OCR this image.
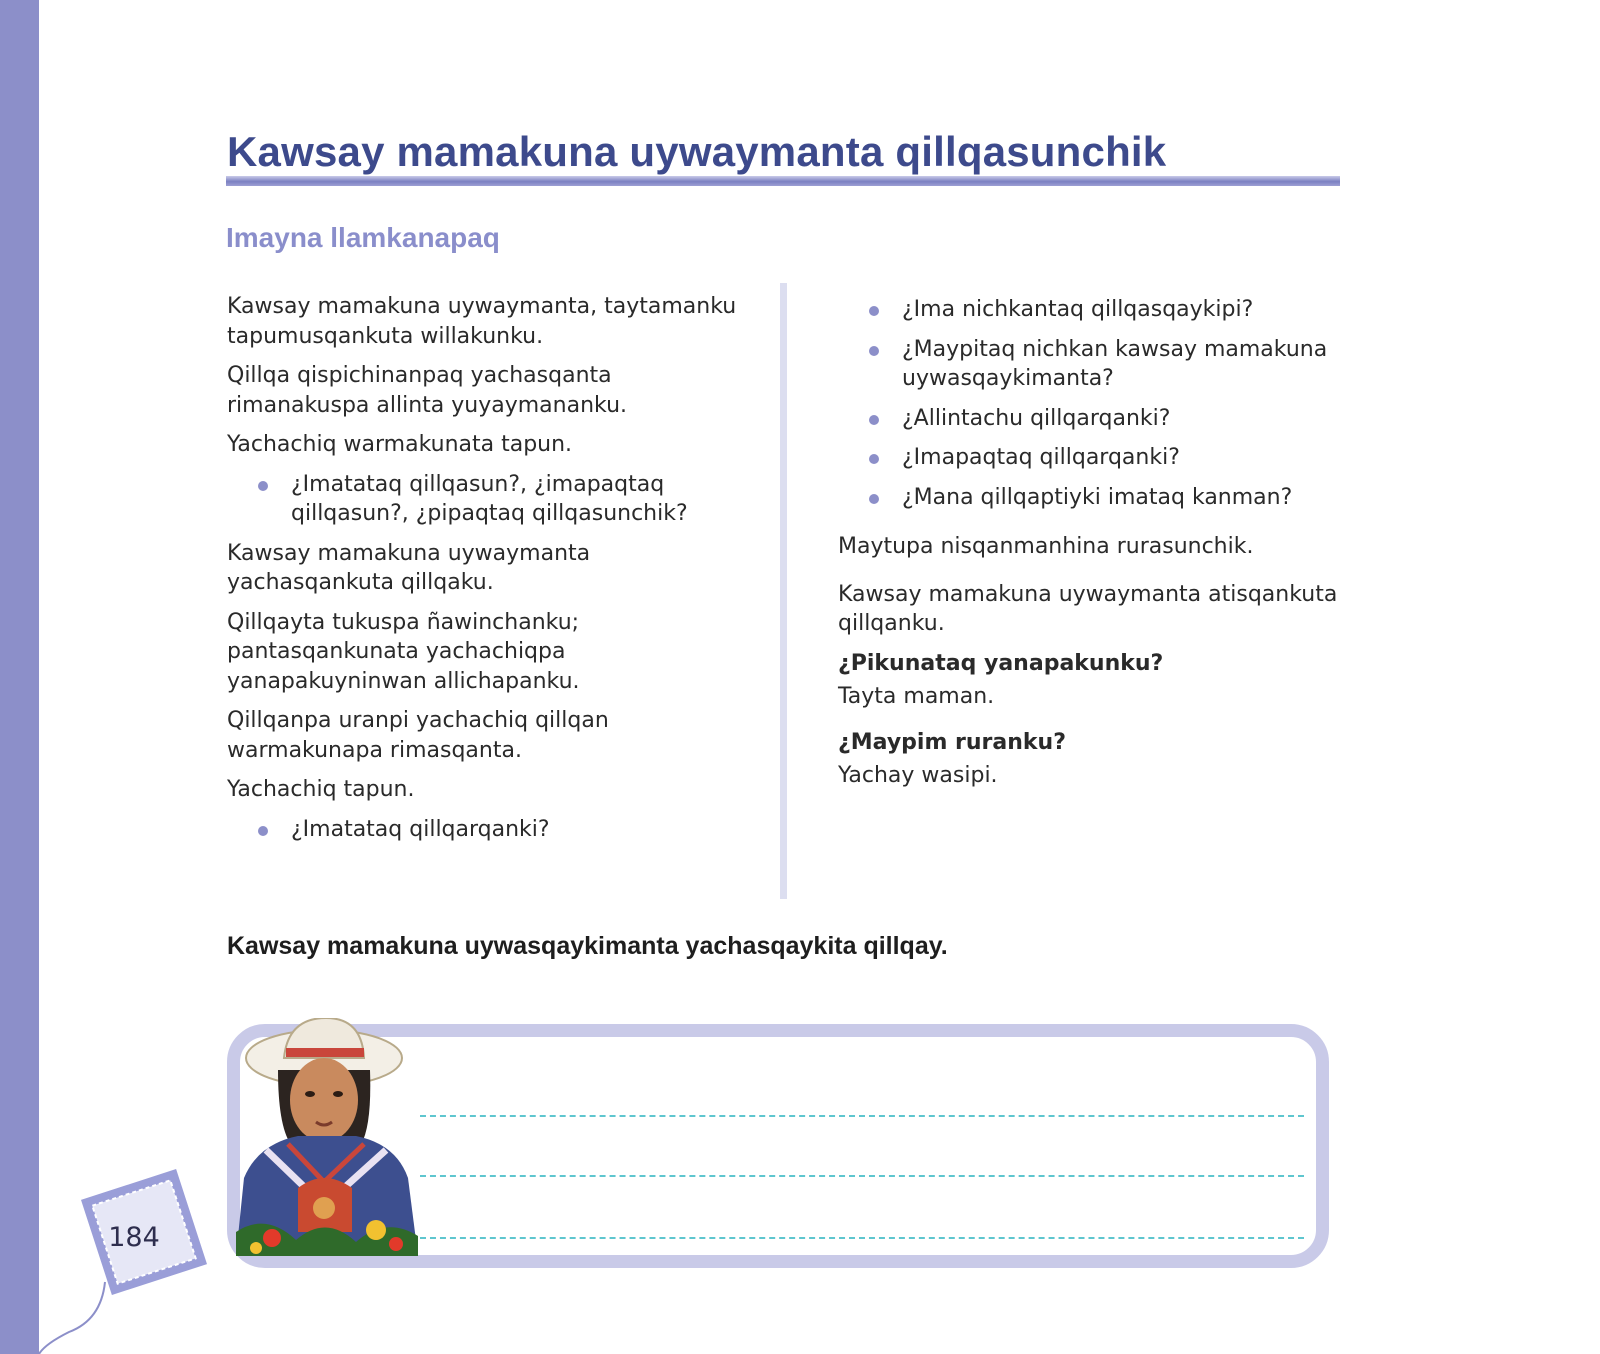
Kawsay mamakuna uywaymanta qillqasunchik
Imayna llamkanapaq

Kawsay mamakuna uywaymanta, taytamanku tapumusqankuta willakunku.

Qillqa qispichinanpaq yachasqanta rimanakuspa allinta yuyaymananku.

Yachachiq warmakunata tapun.

¿Imatataq qillqasun?, ¿imapaqtaq qillqasun?, ¿pipaqtaq qillqasunchik?

Kawsay mamakuna uywaymanta yachasqankuta qillqaku.

Qillqayta tukuspa ñawinchanku; pantasqankunata yachachiqpa yanapakuyninwan allichapanku.

Qillqanpa uranpi yachachiq qillqan warmakunapa rimasqanta.

Yachachiq tapun.

¿Imatataq qillqarqanki?
¿Ima nichkantaq qillqasqaykipi?
¿Maypitaq nichkan kawsay mamakuna uywasqaykimanta?
¿Allintachu qillqarqanki?
¿Imapaqtaq qillqarqanki?
¿Mana qillqaptiyki imataq kanman?

Maytupa nisqanmanhina rurasunchik.

Kawsay mamakuna uywaymanta atisqankuta qillqanku.

¿Pikunataq yanapakunku?

Tayta maman.

¿Maypim ruranku?

Yachay wasipi.

Kawsay mamakuna uywasqaykimanta yachasqaykita qillqay.

184
